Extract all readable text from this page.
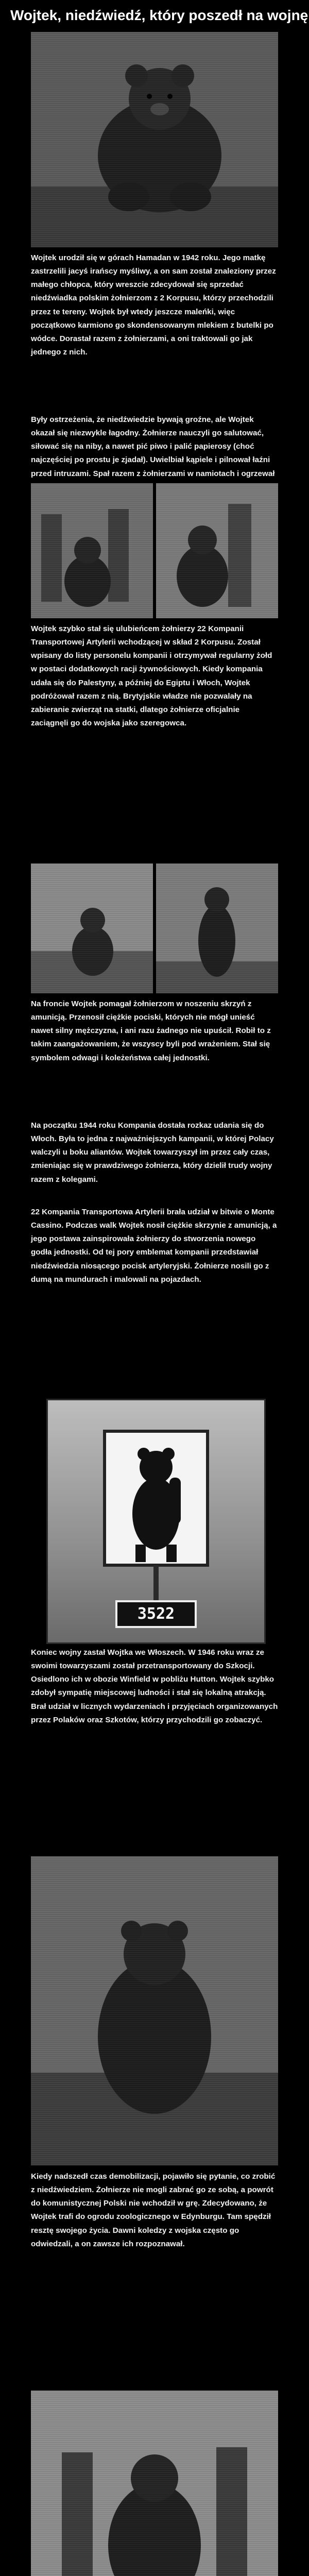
Wojtek, niedźwiedź, który poszedł na wojnę

Wojtek urodził się w górach Hamadan w 1942 roku. Jego matkę zastrzelili jacyś irańscy myśliwy, a on sam został znaleziony przez małego chłopca, który wreszcie zdecydował się sprzedać niedźwiadka polskim żołnierzom z 2 Korpusu, którzy przechodzili przez te tereny. Wojtek był wtedy jeszcze maleńki, więc początkowo karmiono go skondensowanym mlekiem z butelki po wódce. Dorastał razem z żołnierzami, a oni traktowali go jak jednego z nich.

Były ostrzeżenia, że niedźwiedzie bywają groźne, ale Wojtek okazał się niezwykle łagodny. Żołnierze nauczyli go salutować, siłować się na niby, a nawet pić piwo i palić papierosy (choć najczęściej po prostu je zjadał). Uwielbiał kąpiele i pilnował łaźni przed intruzami. Spał razem z żołnierzami w namiotach i ogrzewał

Wojtek szybko stał się ulubieńcem żołnierzy 22 Kompanii Transportowej Artylerii wchodzącej w skład 2 Korpusu. Został wpisany do listy personelu kompanii i otrzymywał regularny żołd w postaci dodatkowych racji żywnościowych. Kiedy kompania udała się do Palestyny, a później do Egiptu i Włoch, Wojtek podróżował razem z nią. Brytyjskie władze nie pozwalały na zabieranie zwierząt na statki, dlatego żołnierze oficjalnie zaciągnęli go do wojska jako szeregowca.

Na froncie Wojtek pomagał żołnierzom w noszeniu skrzyń z amunicją. Przenosił ciężkie pociski, których nie mógł unieść nawet silny mężczyzna, i ani razu żadnego nie upuścił. Robił to z takim zaangażowaniem, że wszyscy byli pod wrażeniem. Stał się symbolem odwagi i koleżeństwa całej jednostki.

Na początku 1944 roku Kompania dostała rozkaz udania się do Włoch. Była to jedna z najważniejszych kampanii, w której Polacy walczyli u boku aliantów. Wojtek towarzyszył im przez cały czas, zmieniając się w prawdziwego żołnierza, który dzielił trudy wojny razem z kolegami.

22 Kompania Transportowa Artylerii brała udział w bitwie o Monte Cassino. Podczas walk Wojtek nosił ciężkie skrzynie z amunicją, a jego postawa zainspirowała żołnierzy do stworzenia nowego godła jednostki. Od tej pory emblemat kompanii przedstawiał niedźwiedzia niosącego pocisk artyleryjski. Żołnierze nosili go z dumą na mundurach i malowali na pojazdach.

3522

Koniec wojny zastał Wojtka we Włoszech. W 1946 roku wraz ze swoimi towarzyszami został przetransportowany do Szkocji. Osiedlono ich w obozie Winfield w pobliżu Hutton. Wojtek szybko zdobył sympatię miejscowej ludności i stał się lokalną atrakcją. Brał udział w licznych wydarzeniach i przyjęciach organizowanych przez Polaków oraz Szkotów, którzy przychodzili go zobaczyć.

Kiedy nadszedł czas demobilizacji, pojawiło się pytanie, co zrobić z niedźwiedziem. Żołnierze nie mogli zabrać go ze sobą, a powrót do komunistycznej Polski nie wchodził w grę. Zdecydowano, że Wojtek trafi do ogrodu zoologicznego w Edynburgu. Tam spędził resztę swojego życia. Dawni koledzy z wojska często go odwiedzali, a on zawsze ich rozpoznawał.
